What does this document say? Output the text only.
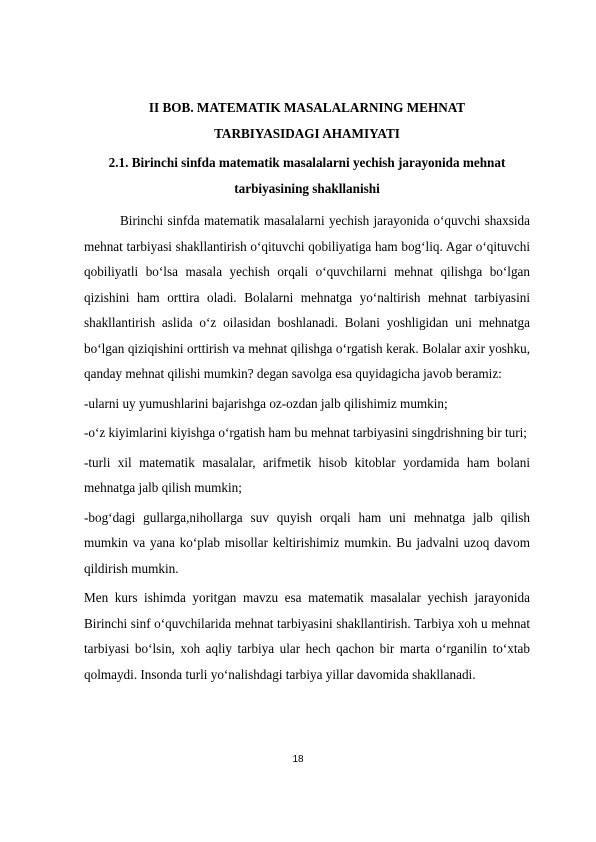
II BOB. MATEMATIK MASALALARNING MEHNAT
TARBIYASIDAGI AHAMIYATI
2.1. Birinchi sinfda matematik masalalarni yechish jarayonida mehnat
tarbiyasining shakllanishi

Birinchi sinfda matematik masalalarni yechish jarayonida o‘quvchi shaxsida mehnat tarbiyasi shakllantirish o‘qituvchi qobiliyatiga ham bog‘liq. Agar o‘qituvchi qobiliyatli bo‘lsa masala yechish orqali o‘quvchilarni mehnat qilishga bo‘lgan qizishini ham orttira oladi. Bolalarni mehnatga yo‘naltirish mehnat tarbiyasini shakllantirish aslida o‘z oilasidan boshlanadi. Bolani yoshligidan uni mehnatga bo‘lgan qiziqishini orttirish va mehnat qilishga o‘rgatish kerak. Bolalar axir yoshku, qanday mehnat qilishi mumkin? degan savolga esa quyidagicha javob beramiz:

-ularni uy yumushlarini bajarishga oz-ozdan jalb qilishimiz mumkin;

-o‘z kiyimlarini kiyishga o‘rgatish ham bu mehnat tarbiyasini singdrishning bir turi;

-turli xil matematik masalalar, arifmetik hisob kitoblar yordamida ham bolani mehnatga jalb qilish mumkin;

-bog‘dagi gullarga,nihollarga suv quyish orqali ham uni mehnatga jalb qilish mumkin va yana ko‘plab misollar keltirishimiz mumkin. Bu jadvalni uzoq davom qildirish mumkin.

Men kurs ishimda yoritgan mavzu esa matematik masalalar yechish jarayonida Birinchi sinf o‘quvchilarida mehnat tarbiyasini shakllantirish. Tarbiya xoh u mehnat tarbiyasi bo‘lsin, xoh aqliy tarbiya ular hech qachon bir marta o‘rganilin to‘xtab qolmaydi. Insonda turli yo‘nalishdagi tarbiya yillar davomida shakllanadi.

18
